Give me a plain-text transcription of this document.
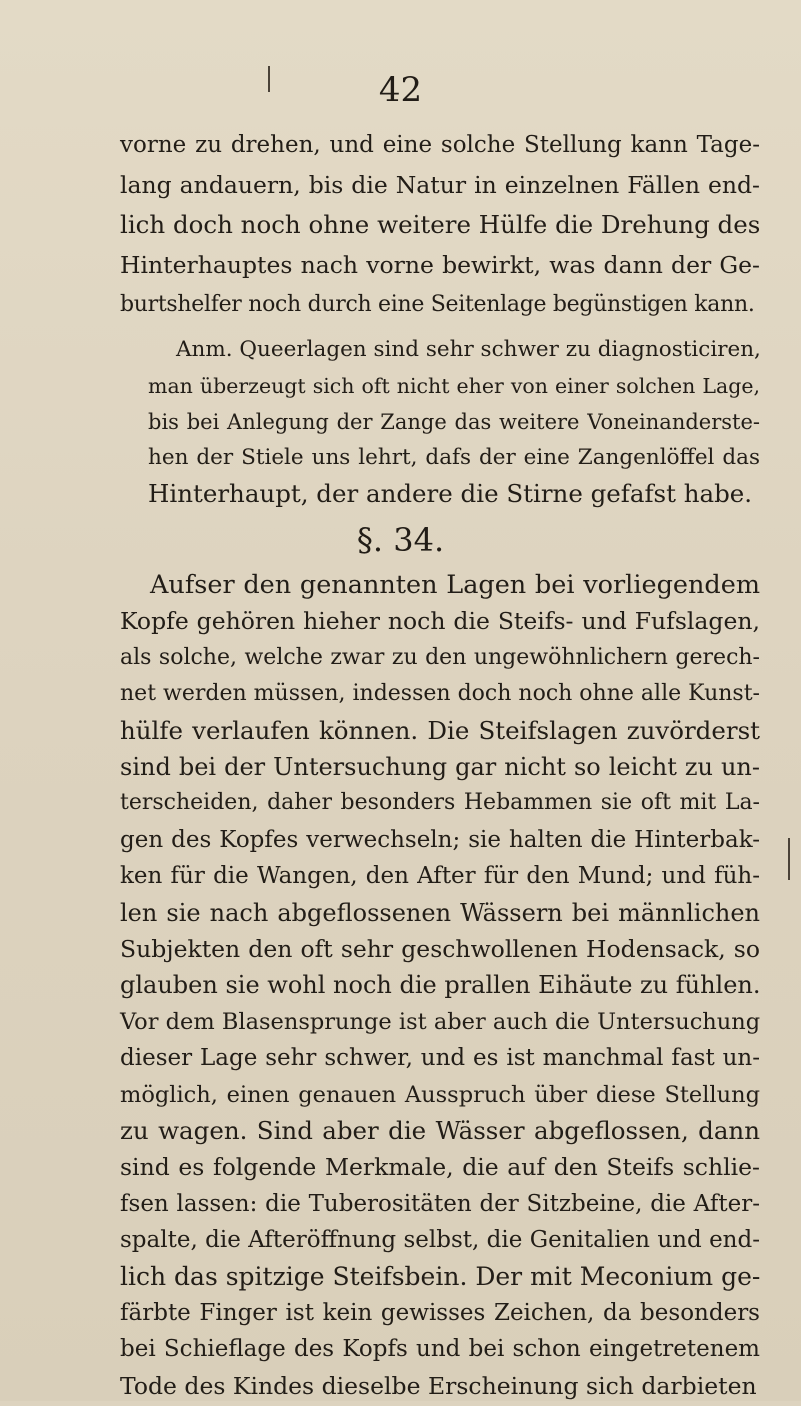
42
vorne zu drehen, und eine solche Stellung kann Tage-
lang andauern, bis die Natur in einzelnen Fällen end-
lich doch noch ohne weitere Hülfe die Drehung des
Hinterhauptes nach vorne bewirkt, was dann der Ge-
burtshelfer noch durch eine Seitenlage begünstigen kann.
Anm. Queerlagen sind sehr schwer zu diagnosticiren,
man überzeugt sich oft nicht eher von einer solchen Lage,
bis bei Anlegung der Zange das weitere Voneinanderste-
hen der Stiele uns lehrt, dafs der eine Zangenlöffel das
Hinterhaupt, der andere die Stirne gefafst habe.
§. 34.
Aufser den genannten Lagen bei vorliegendem
Kopfe gehören hieher noch die Steifs- und Fufslagen,
als solche, welche zwar zu den ungewöhnlichern gerech-
net werden müssen, indessen doch noch ohne alle Kunst-
hülfe verlaufen können. Die Steifslagen zuvörderst
sind bei der Untersuchung gar nicht so leicht zu un-
terscheiden, daher besonders Hebammen sie oft mit La-
gen des Kopfes verwechseln; sie halten die Hinterbak-
ken für die Wangen, den After für den Mund; und füh-
len sie nach abgeflossenen Wässern bei männlichen
Subjekten den oft sehr geschwollenen Hodensack, so
glauben sie wohl noch die prallen Eihäute zu fühlen.
Vor dem Blasensprunge ist aber auch die Untersuchung
dieser Lage sehr schwer, und es ist manchmal fast un-
möglich, einen genauen Ausspruch über diese Stellung
zu wagen. Sind aber die Wässer abgeflossen, dann
sind es folgende Merkmale, die auf den Steifs schlie-
fsen lassen: die Tuberositäten der Sitzbeine, die After-
spalte, die Afteröffnung selbst, die Genitalien und end-
lich das spitzige Steifsbein. Der mit Meconium ge-
färbte Finger ist kein gewisses Zeichen, da besonders
bei Schieflage des Kopfs und bei schon eingetretenem
Tode des Kindes dieselbe Erscheinung sich darbieten
